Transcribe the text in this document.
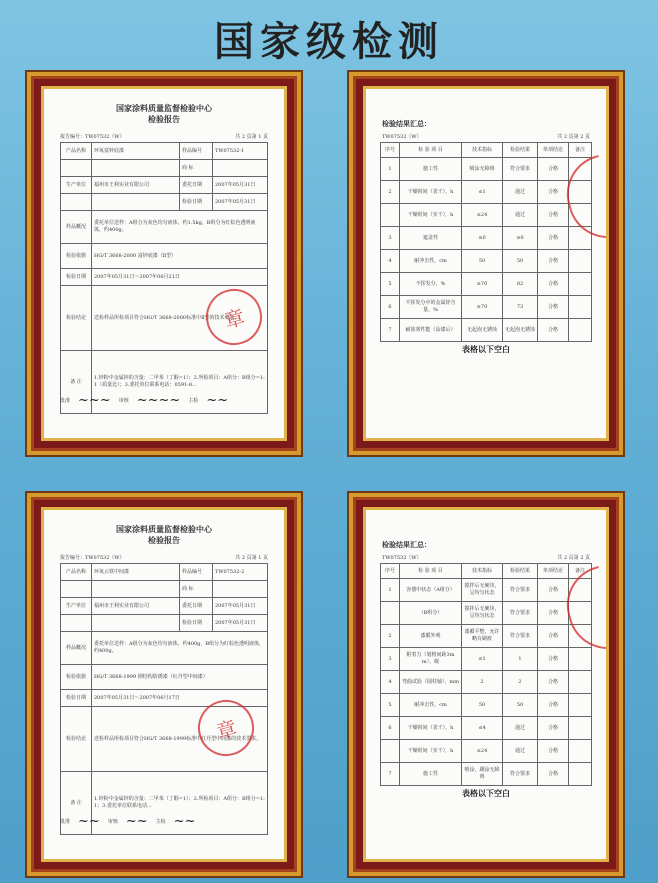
国家级检测
国家涂料质量监督检验中心
检验报告
报告编号：TW07532（W）	共 2 页第 1 页
产品名称	环氧富锌底漆	样品编号	TW07532-1
		商 标	
生产单位	福州市王利实业有限公司	委托日期	2007年05月31日
		检验日期	2007年05月31日
样品概况	委托单位送样：A组分为灰色均匀液体，约1.5kg，B组分为红棕色透明液体，约400g。		
检验依据	HG/T 3668-2000 富锌底漆（Ⅱ型）		
检验日期	2007年05月31日～2007年06月21日		
检验结论	送检样品所检项目符合HG/T 3668-2000标准中Ⅱ型的技术要求。		
备 注	1.锌粉中金属锌的含量：二甲苯（丁醇=1）；2.所检项目：A组分：B组分=1:1（质量比）；3.委托单位联系电话：0591-8...		
章
批准 ~~~ 审核 ~~~~ 主检 ~~
检验结果汇总：
TW07532（W）	共 2 页第 2 页
序号	检 验 项 目	技术指标	检验结果	单项结论	备注
1	施工性	喷涂无障碍	符合要求	合格	
2	干燥时间（表干），h	≤1	通过	合格	
	干燥时间（实干），h	≤24	通过	合格	
3	遮盖性	≥0	≥0	合格	
4	耐冲击性，cm	50	50	合格	
5	不挥发分，%	≥70	82	合格	
6	不挥发分中的金属锌含量，%	≥70	73	合格	
7	耐盐雾性能（涂漆后）	无起泡无锈蚀	无起泡无锈蚀	合格	
表格以下空白
国家涂料质量监督检验中心
检验报告
报告编号：TW07532（W）	共 2 页第 1 页
产品名称	环氧云铁中间漆	样品编号	TW07532-2
		商 标	
生产单位	福州市王利实业有限公司	委托日期	2007年05月31日
		检验日期	2007年05月31日
样品概况	委托单位送样：A组分为灰色均匀液体，约400g，B组分为红棕色透明液体，约400g。		
检验依据	HG/T 3668-1999 钢结构防锈漆（红丹型中间漆）		
检验日期	2007年05月31日～2007年06月17日		
检验结论	送检样品所检项目符合HG/T 3668-1999标准中红丹型中间漆的技术要求。		
备 注	1.锌粉中金属锌的含量：二甲苯（丁醇=1）；2.所检项目：A组分：B组分=1:1；3.委托单位联系电话...		
章
批准 ~~ 审核 ~~ 主检 ~~
检验结果汇总：
TW07532（W）	共 2 页第 2 页
序号	检 验 项 目	技术指标	检验结果	单项结论	备注
1	容器中状态（A组分）	搅拌后无硬块，呈均匀状态	符合要求	合格	
	（B组分）	搅拌后无硬块，呈均匀状态	符合要求	合格	
2	漆膜外观	漆膜平整，允许略有刷痕	符合要求	合格	
3	附着力（划格间距3mm），级	≤1	1	合格	
4	弯曲试验（圆柱轴），mm	2	2	合格	
5	耐冲击性，cm	50	50	合格	
6	干燥时间（表干），h	≤4	通过	合格	
	干燥时间（实干），h	≤24	通过	合格	
7	施工性	喷涂，刷涂无障碍	符合要求	合格	
表格以下空白
